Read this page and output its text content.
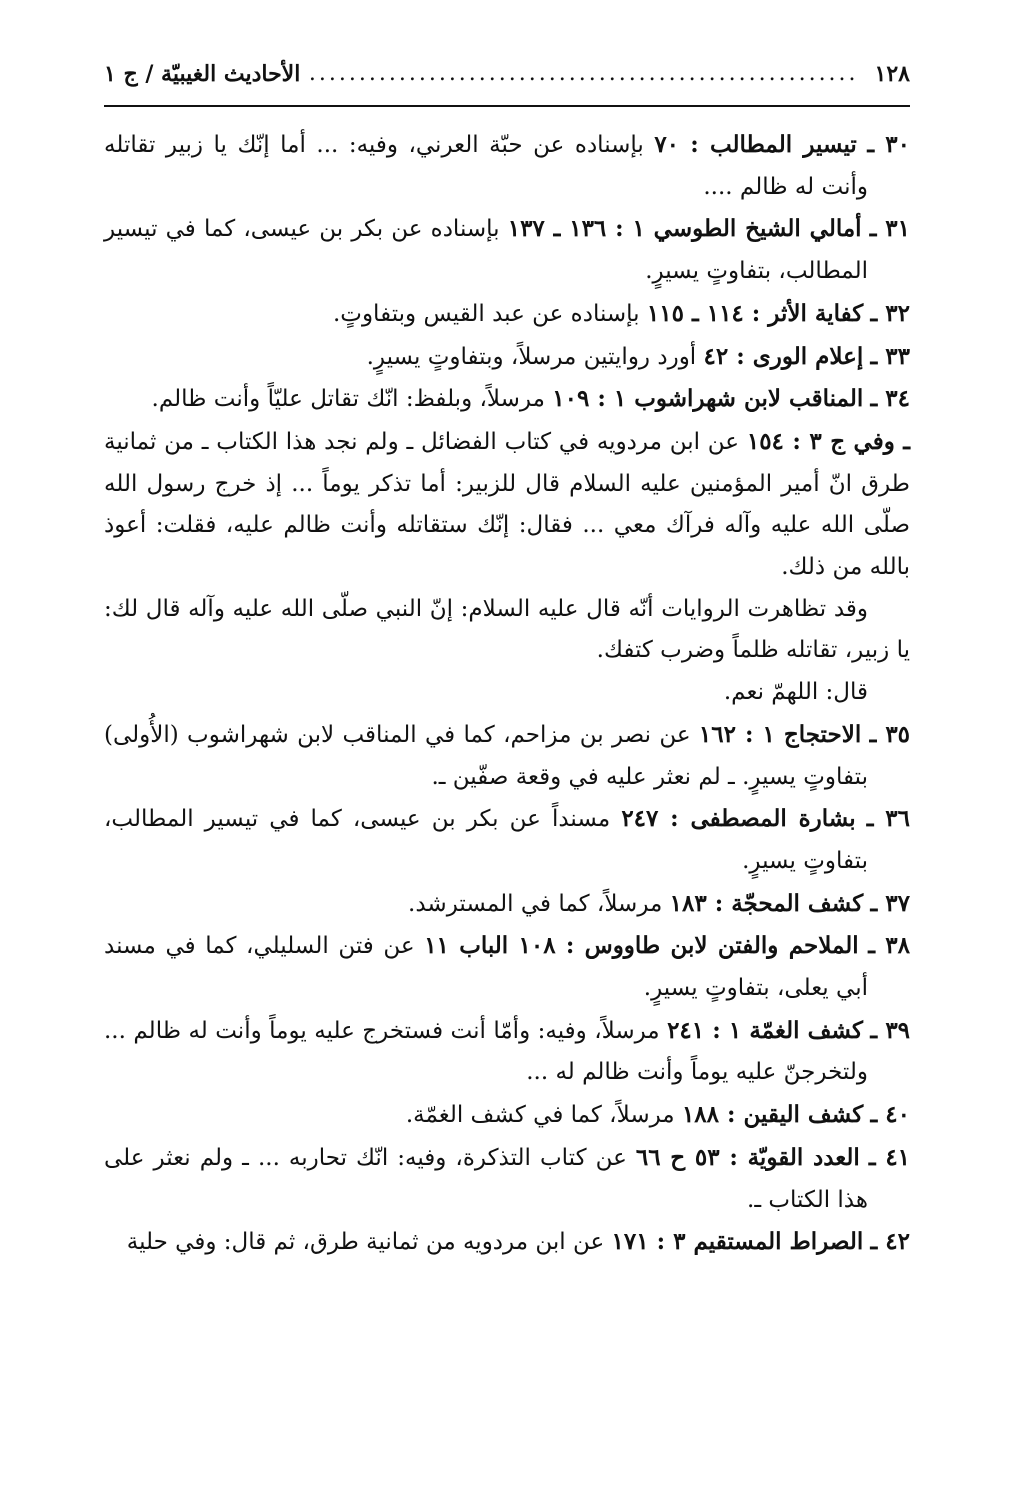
١٢٨
.....
الأحاديث الغيبيّة / ج ١

٣٠ ـ تيسير المطالب : ٧٠ بإسناده عن حبّة العرني، وفيه: ... أما إنّك يا زبير تقاتله وأنت له ظالم ....

٣١ ـ أمالي الشيخ الطوسي ١ : ١٣٦ ـ ١٣٧ بإسناده عن بكر بن عيسى، كما في تيسير المطالب، بتفاوتٍ يسيرٍ.

٣٢ ـ كفاية الأثر : ١١٤ ـ ١١٥ بإسناده عن عبد القيس وبتفاوتٍ.

٣٣ ـ إعلام الورى : ٤٢ أورد روايتين مرسلاً، وبتفاوتٍ يسيرٍ.

٣٤ ـ المناقب لابن شهراشوب ١ : ١٠٩ مرسلاً، وبلفظ: انّك تقاتل عليّاً وأنت ظالم.

ـ وفي ج ٣ : ١٥٤ عن ابن مردويه في كتاب الفضائل ـ ولم نجد هذا الكتاب ـ من ثمانية طرق انّ أمير المؤمنين عليه السلام قال للزبير: أما تذكر يوماً ... إذ خرج رسول الله صلّى الله عليه وآله فرآك معي ... فقال: إنّك ستقاتله وأنت ظالم عليه، فقلت: أعوذ بالله من ذلك.

وقد تظاهرت الروايات أنّه قال عليه السلام: إنّ النبي صلّى الله عليه وآله قال لك: يا زبير، تقاتله ظلماً وضرب كتفك.

قال: اللهمّ نعم.

٣٥ ـ الاحتجاج ١ : ١٦٢ عن نصر بن مزاحم، كما في المناقب لابن شهراشوب (الأُولى) بتفاوتٍ يسيرٍ. ـ لم نعثر عليه في وقعة صفّين ـ.

٣٦ ـ بشارة المصطفى : ٢٤٧ مسنداً عن بكر بن عيسى، كما في تيسير المطالب، بتفاوتٍ يسيرٍ.

٣٧ ـ كشف المحجّة : ١٨٣ مرسلاً، كما في المسترشد.

٣٨ ـ الملاحم والفتن لابن طاووس : ١٠٨ الباب ١١ عن فتن السليلي، كما في مسند أبي يعلى، بتفاوتٍ يسيرٍ.

٣٩ ـ كشف الغمّة ١ : ٢٤١ مرسلاً، وفيه: وأمّا أنت فستخرج عليه يوماً وأنت له ظالم ... ولتخرجنّ عليه يوماً وأنت ظالم له ...

٤٠ ـ كشف اليقين : ١٨٨ مرسلاً، كما في كشف الغمّة.

٤١ ـ العدد القويّة : ٥٣ ح ٦٦ عن كتاب التذكرة، وفيه: انّك تحاربه ... ـ ولم نعثر على هذا الكتاب ـ.

٤٢ ـ الصراط المستقيم ٣ : ١٧١ عن ابن مردويه من ثمانية طرق، ثم قال: وفي حلية
